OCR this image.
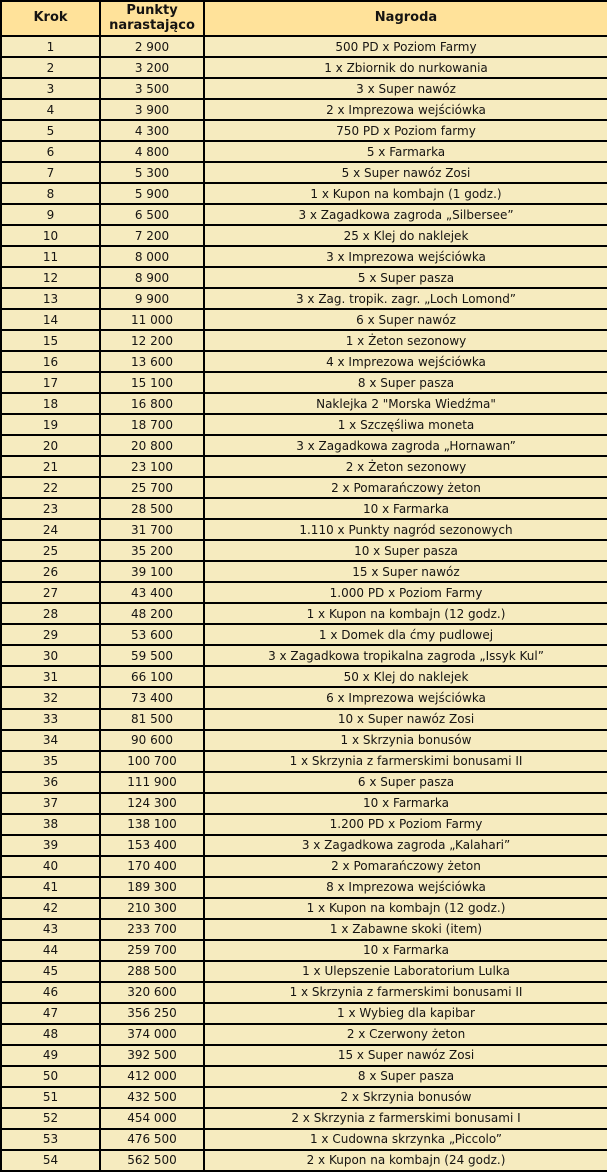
Krok	Punkty narastająco	Nagroda
1	2 900	500 PD x Poziom Farmy
2	3 200	1 x Zbiornik do nurkowania
3	3 500	3 x Super nawóz
4	3 900	2 x Imprezowa wejściówka
5	4 300	750 PD x Poziom farmy
6	4 800	5 x Farmarka
7	5 300	5 x Super nawóz Zosi
8	5 900	1 x Kupon na kombajn (1 godz.)
9	6 500	3 x Zagadkowa zagroda „Silbersee”
10	7 200	25 x Klej do naklejek
11	8 000	3 x Imprezowa wejściówka
12	8 900	5 x Super pasza
13	9 900	3 x Zag. tropik. zagr. „Loch Lomond”
14	11 000	6 x Super nawóz
15	12 200	1 x Żeton sezonowy
16	13 600	4 x Imprezowa wejściówka
17	15 100	8 x Super pasza
18	16 800	Naklejka 2 "Morska Wiedźma"
19	18 700	1 x Szczęśliwa moneta
20	20 800	3 x Zagadkowa zagroda „Hornawan”
21	23 100	2 x Żeton sezonowy
22	25 700	2 x Pomarańczowy żeton
23	28 500	10 x Farmarka
24	31 700	1.110 x Punkty nagród sezonowych
25	35 200	10 x Super pasza
26	39 100	15 x Super nawóz
27	43 400	1.000 PD x Poziom Farmy
28	48 200	1 x Kupon na kombajn (12 godz.)
29	53 600	1 x Domek dla ćmy pudlowej
30	59 500	3 x Zagadkowa tropikalna zagroda „Issyk Kul”
31	66 100	50 x Klej do naklejek
32	73 400	6 x Imprezowa wejściówka
33	81 500	10 x Super nawóz Zosi
34	90 600	1 x Skrzynia bonusów
35	100 700	1 x Skrzynia z farmerskimi bonusami II
36	111 900	6 x Super pasza
37	124 300	10 x Farmarka
38	138 100	1.200 PD x Poziom Farmy
39	153 400	3 x Zagadkowa zagroda „Kalahari”
40	170 400	2 x Pomarańczowy żeton
41	189 300	8 x Imprezowa wejściówka
42	210 300	1 x Kupon na kombajn (12 godz.)
43	233 700	1 x Zabawne skoki (item)
44	259 700	10 x Farmarka
45	288 500	1 x Ulepszenie Laboratorium Lulka
46	320 600	1 x Skrzynia z farmerskimi bonusami II
47	356 250	1 x Wybieg dla kapibar
48	374 000	2 x Czerwony żeton
49	392 500	15 x Super nawóz Zosi
50	412 000	8 x Super pasza
51	432 500	2 x Skrzynia bonusów
52	454 000	2 x Skrzynia z farmerskimi bonusami I
53	476 500	1 x Cudowna skrzynka „Piccolo”
54	562 500	2 x Kupon na kombajn (24 godz.)
